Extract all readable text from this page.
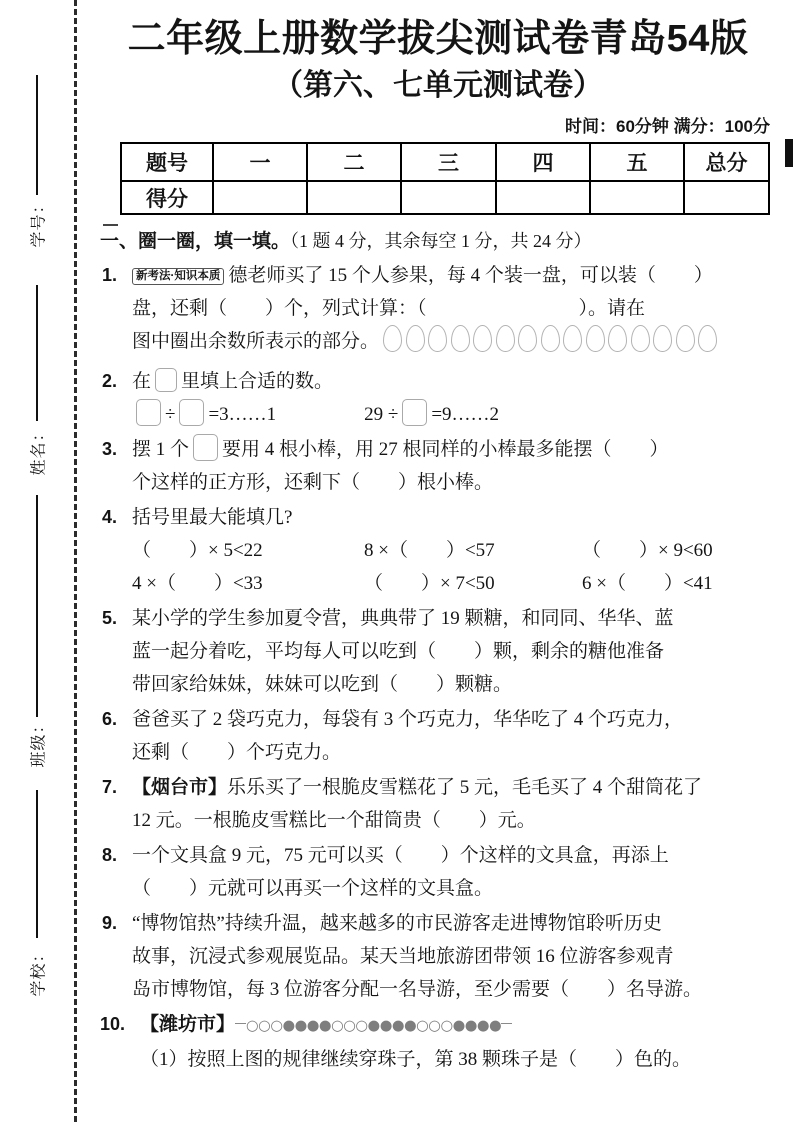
学号：
姓名：
班级：
学校：
二年级上册数学拔尖测试卷青岛54版
（第六、七单元测试卷）
时间：60分钟 满分：100分
题号	一	二	三	四	五	总分
得分						
一、圈一圈，填一填。（1 题 4 分，其余每空 1 分，共 24 分）
1.	新考法·知识本质 德老师买了 15 个人参果，每 4 个装一盘，可以装（　　）
盘，还剩（　　）个，列式计算：（　　　　　　　　）。请在
图中圈出余数所表示的部分。
2. 在 里填上合适的数。
÷ =3……1	29 ÷ =9……2
3. 摆 1 个 要用 4 根小棒，用 27 根同样的小棒最多能摆（　　）
个这样的正方形，还剩下（　　）根小棒。
4. 括号里最大能填几?
（　　）× 5<22	8 ×（　　）<57	（　　）× 9<60
4 ×（　　）<33	（　　）× 7<50	6 ×（　　）<41
5. 某小学的学生参加夏令营，典典带了 19 颗糖，和同同、华华、蓝
蓝一起分着吃，平均每人可以吃到（　　）颗，剩余的糖他准备
带回家给妹妹，妹妹可以吃到（　　）颗糖。
6. 爸爸买了 2 袋巧克力，每袋有 3 个巧克力，华华吃了 4 个巧克力，
还剩（　　）个巧克力。
7. 【烟台市】乐乐买了一根脆皮雪糕花了 5 元，毛毛买了 4 个甜筒花了
12 元。一根脆皮雪糕比一个甜筒贵（　　）元。
8. 一个文具盒 9 元，75 元可以买（　　）个这样的文具盒，再添上
（　　）元就可以再买一个这样的文具盒。
9. “博物馆热”持续升温，越来越多的市民游客走进博物馆聆听历史
故事，沉浸式参观展览品。某天当地旅游团带领 16 位游客参观青
岛市博物馆，每 3 位游客分配一名导游，至少需要（　　）名导游。
10. 【潍坊市】 ○○○●●●●○○○●●●●○○○●●●●
（1）按照上图的规律继续穿珠子，第 38 颗珠子是（　　）色的。
